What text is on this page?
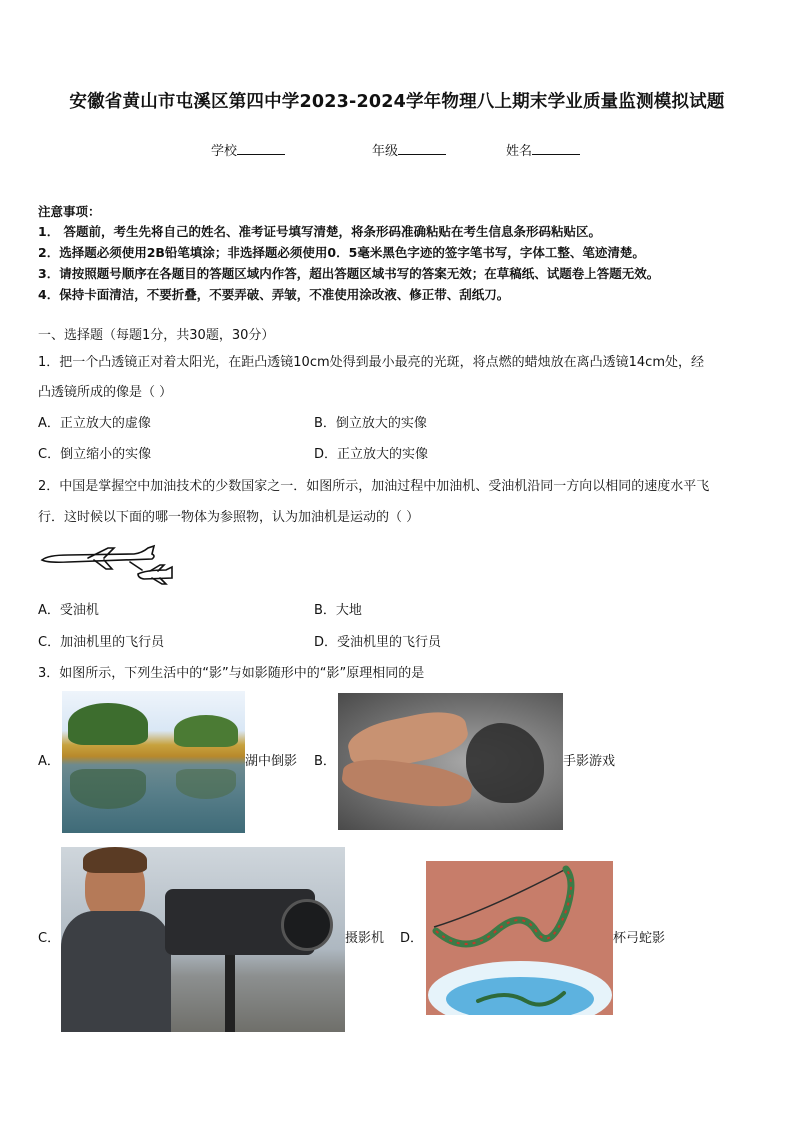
安徽省黄山市屯溪区第四中学2023-2024学年物理八上期末学业质量监测模拟试题
学校	年级	姓名
注意事项：
1． 答题前，考生先将自己的姓名、准考证号填写清楚，将条形码准确粘贴在考生信息条形码粘贴区。
2．选择题必须使用2B铅笔填涂；非选择题必须使用0．5毫米黑色字迹的签字笔书写，字体工整、笔迹清楚。
3．请按照题号顺序在各题目的答题区域内作答，超出答题区域书写的答案无效；在草稿纸、试题卷上答题无效。
4．保持卡面清洁，不要折叠，不要弄破、弄皱，不准使用涂改液、修正带、刮纸刀。
一、选择题（每题1分，共30题，30分）
1．把一个凸透镜正对着太阳光，在距凸透镜10cm处得到最小最亮的光斑，将点燃的蜡烛放在离凸透镜14cm处，经
凸透镜所成的像是（ ）
A．正立放大的虚像	B．倒立放大的实像
C．倒立缩小的实像	D．正立放大的实像
2．中国是掌握空中加油技术的少数国家之一．如图所示，加油过程中加油机、受油机沿同一方向以相同的速度水平飞
行．这时候以下面的哪一物体为参照物，认为加油机是运动的（ ）
A．受油机	B．大地
C．加油机里的飞行员	D．受油机里的飞行员
3．如图所示，下列生活中的“影”与如影随形中的“影”原理相同的是
A．	湖中倒影 B．	手影游戏
C．	摄影机 D．	杯弓蛇影
